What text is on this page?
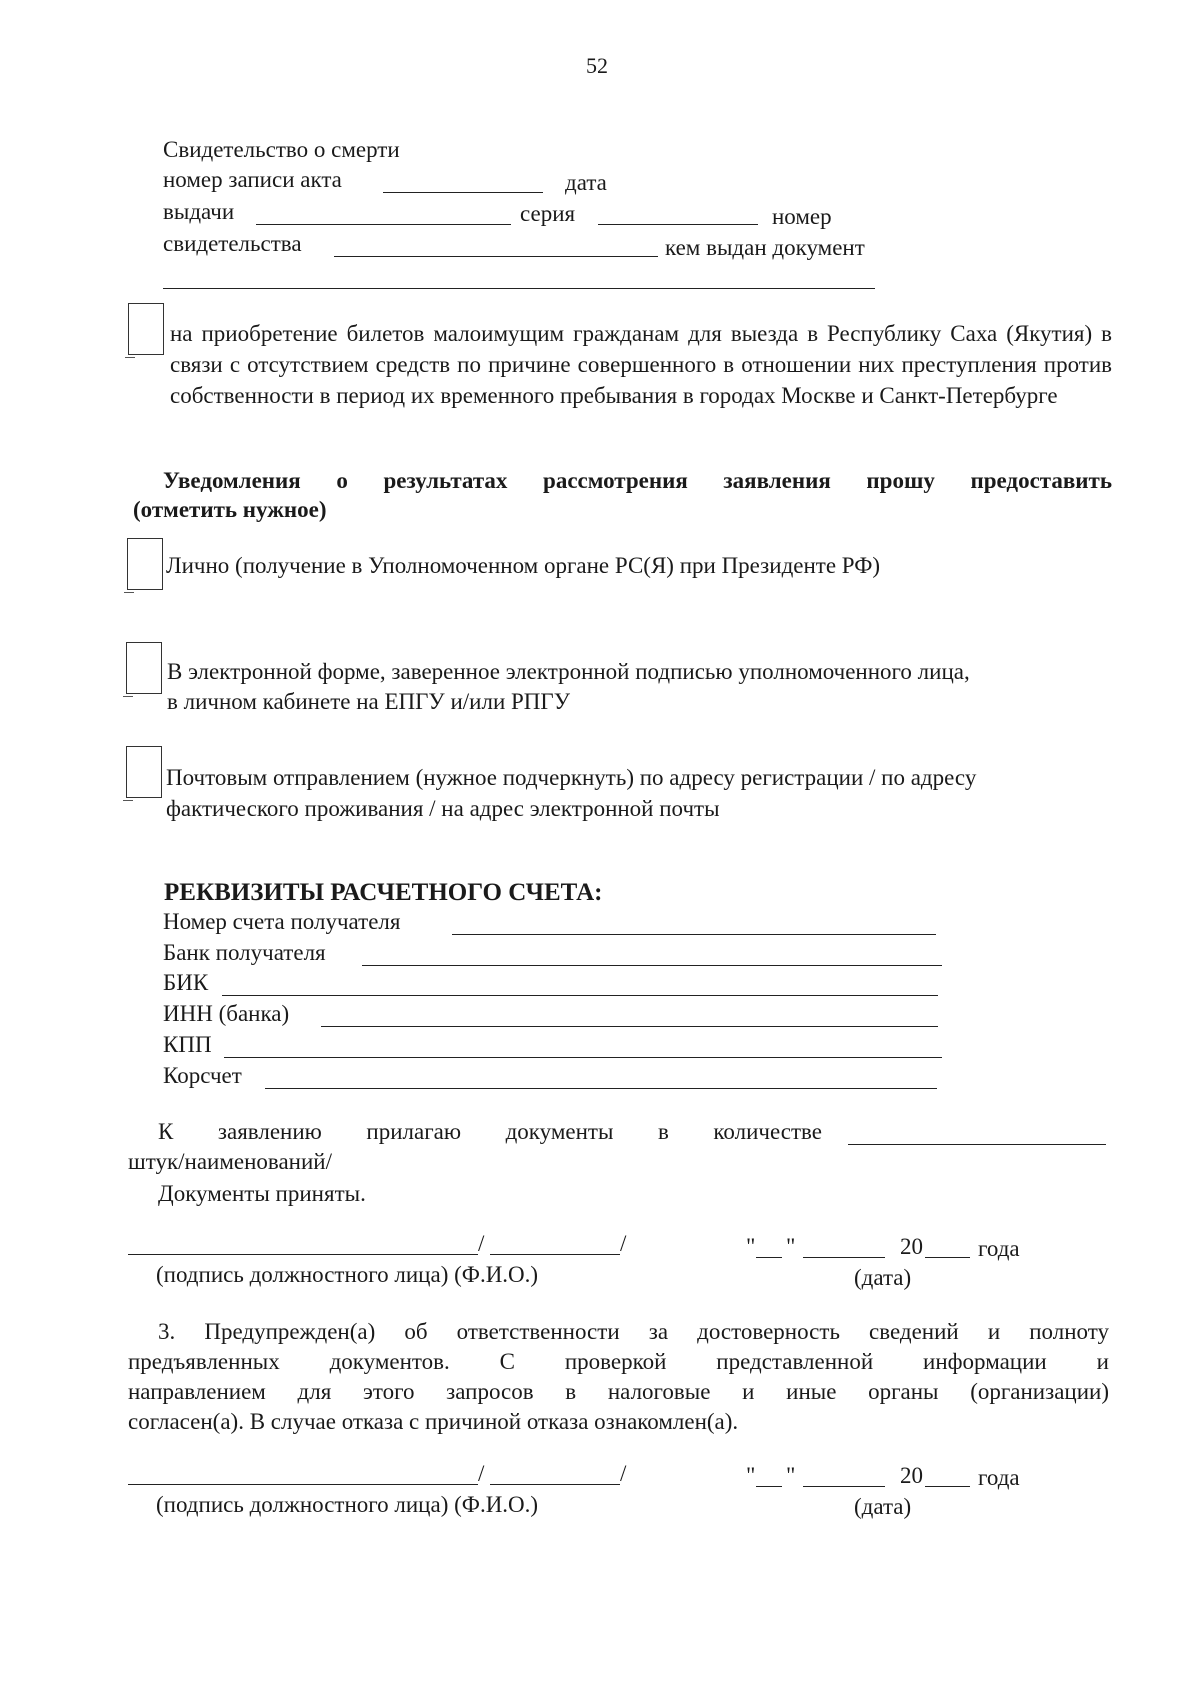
52
Свидетельство о смерти
номер записи акта	дата
выдачи	серия	номер
свидетельства	кем выдан документ
на приобретение билетов малоимущим гражданам для выезда в Республику Саха (Якутия) в связи с отсутствием средств по причине совершенного в отношении них преступления против собственности в период их временного пребывания в городах Москве и Санкт-Петербурге
Уведомления о результатах рассмотрения заявления прошу предоставить
(отметить нужное)
Лично (получение в Уполномоченном органе РС(Я) при Президенте РФ)
В электронной форме, заверенное электронной подписью уполномоченного лица,
в личном кабинете на ЕПГУ и/или РПГУ
Почтовым отправлением (нужное подчеркнуть) по адресу регистрации / по адресу
фактического проживания / на адрес электронной почты
РЕКВИЗИТЫ РАСЧЕТНОГО СЧЕТА:
Номер счета получателя
Банк получателя
БИК
ИНН (банка)
КПП
Корсчет
К заявлению прилагаю документы в количестве
штук/наименований/
Документы приняты.
/	/
(подпись должностного лица) (Ф.И.О.)
" "	20 года
(дата)
3. Предупрежден(а) об ответственности за достоверность сведений и полноту
предъявленных документов. С проверкой представленной информации и
направлением для этого запросов в налоговые и иные органы (организации)
согласен(а). В случае отказа с причиной отказа ознакомлен(а).
/	/
(подпись должностного лица) (Ф.И.О.)
" "	20 года
(дата)
